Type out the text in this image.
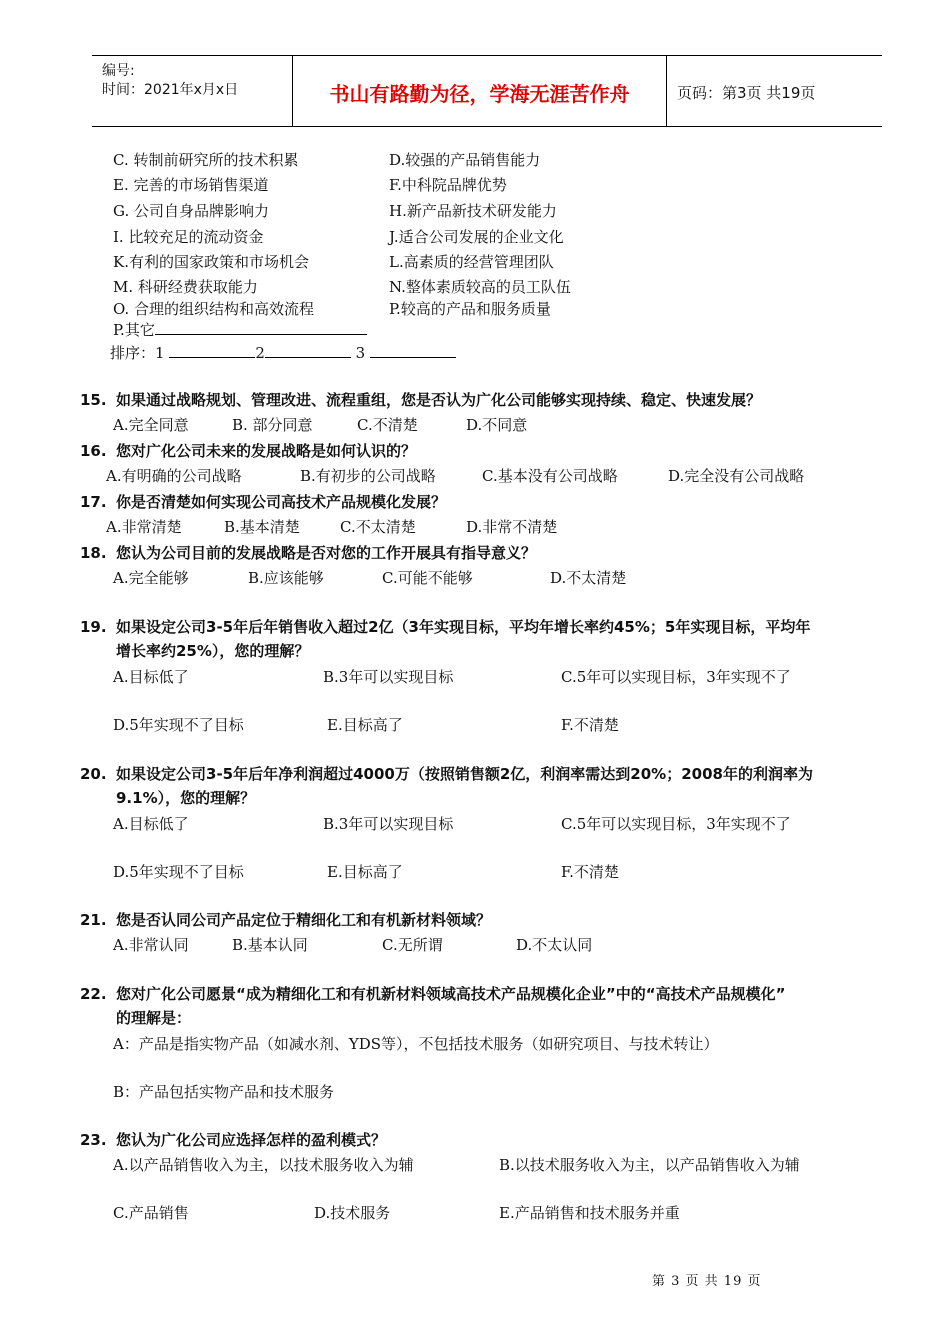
编号:
时间：2021年x月x日	书山有路勤为径，学海无涯苦作舟	页码：第3页 共19页
C. 转制前研究所的技术积累	D.较强的产品销售能力
E. 完善的市场销售渠道	F.中科院品牌优势
G. 公司自身品牌影响力	H.新产品新技术研发能力
I. 比较充足的流动资金	J.适合公司发展的企业文化
K.有利的国家政策和市场机会	L.高素质的经营管理团队
M. 科研经费获取能力	N.整体素质较高的员工队伍
O. 合理的组织结构和高效流程	P.较高的产品和服务质量
P.其它
排序：1	2	3
15. 如果通过战略规划、管理改进、流程重组，您是否认为广化公司能够实现持续、稳定、快速发展？
A.完全同意	B. 部分同意	C.不清楚	D.不同意
16. 您对广化公司未来的发展战略是如何认识的？
A.有明确的公司战略	B.有初步的公司战略	C.基本没有公司战略	D.完全没有公司战略
17. 你是否清楚如何实现公司高技术产品规模化发展？
A.非常清楚	B.基本清楚	C.不太清楚	D.非常不清楚
18. 您认为公司目前的发展战略是否对您的工作开展具有指导意义？
A.完全能够	B.应该能够	C.可能不能够	D.不太清楚
19. 如果设定公司3-5年后年销售收入超过2亿（3年实现目标，平均年增长率约45%；5年实现目标，平均年
增长率约25%），您的理解？
A.目标低了	B.3年可以实现目标	C.5年可以实现目标，3年实现不了
D.5年实现不了目标	E.目标高了	F.不清楚
20. 如果设定公司3-5年后年净利润超过4000万（按照销售额2亿，利润率需达到20%；2008年的利润率为
9.1%），您的理解？
A.目标低了	B.3年可以实现目标	C.5年可以实现目标，3年实现不了
D.5年实现不了目标	E.目标高了	F.不清楚
21. 您是否认同公司产品定位于精细化工和有机新材料领域？
A.非常认同	B.基本认同	C.无所谓	D.不太认同
22. 您对广化公司愿景“成为精细化工和有机新材料领域高技术产品规模化企业”中的“高技术产品规模化”
的理解是：
A：产品是指实物产品（如减水剂、YDS等），不包括技术服务（如研究项目、与技术转让）
B：产品包括实物产品和技术服务
23. 您认为广化公司应选择怎样的盈利模式？
A.以产品销售收入为主，以技术服务收入为辅	B.以技术服务收入为主，以产品销售收入为辅
C.产品销售	D.技术服务	E.产品销售和技术服务并重
第 3 页 共 19 页
